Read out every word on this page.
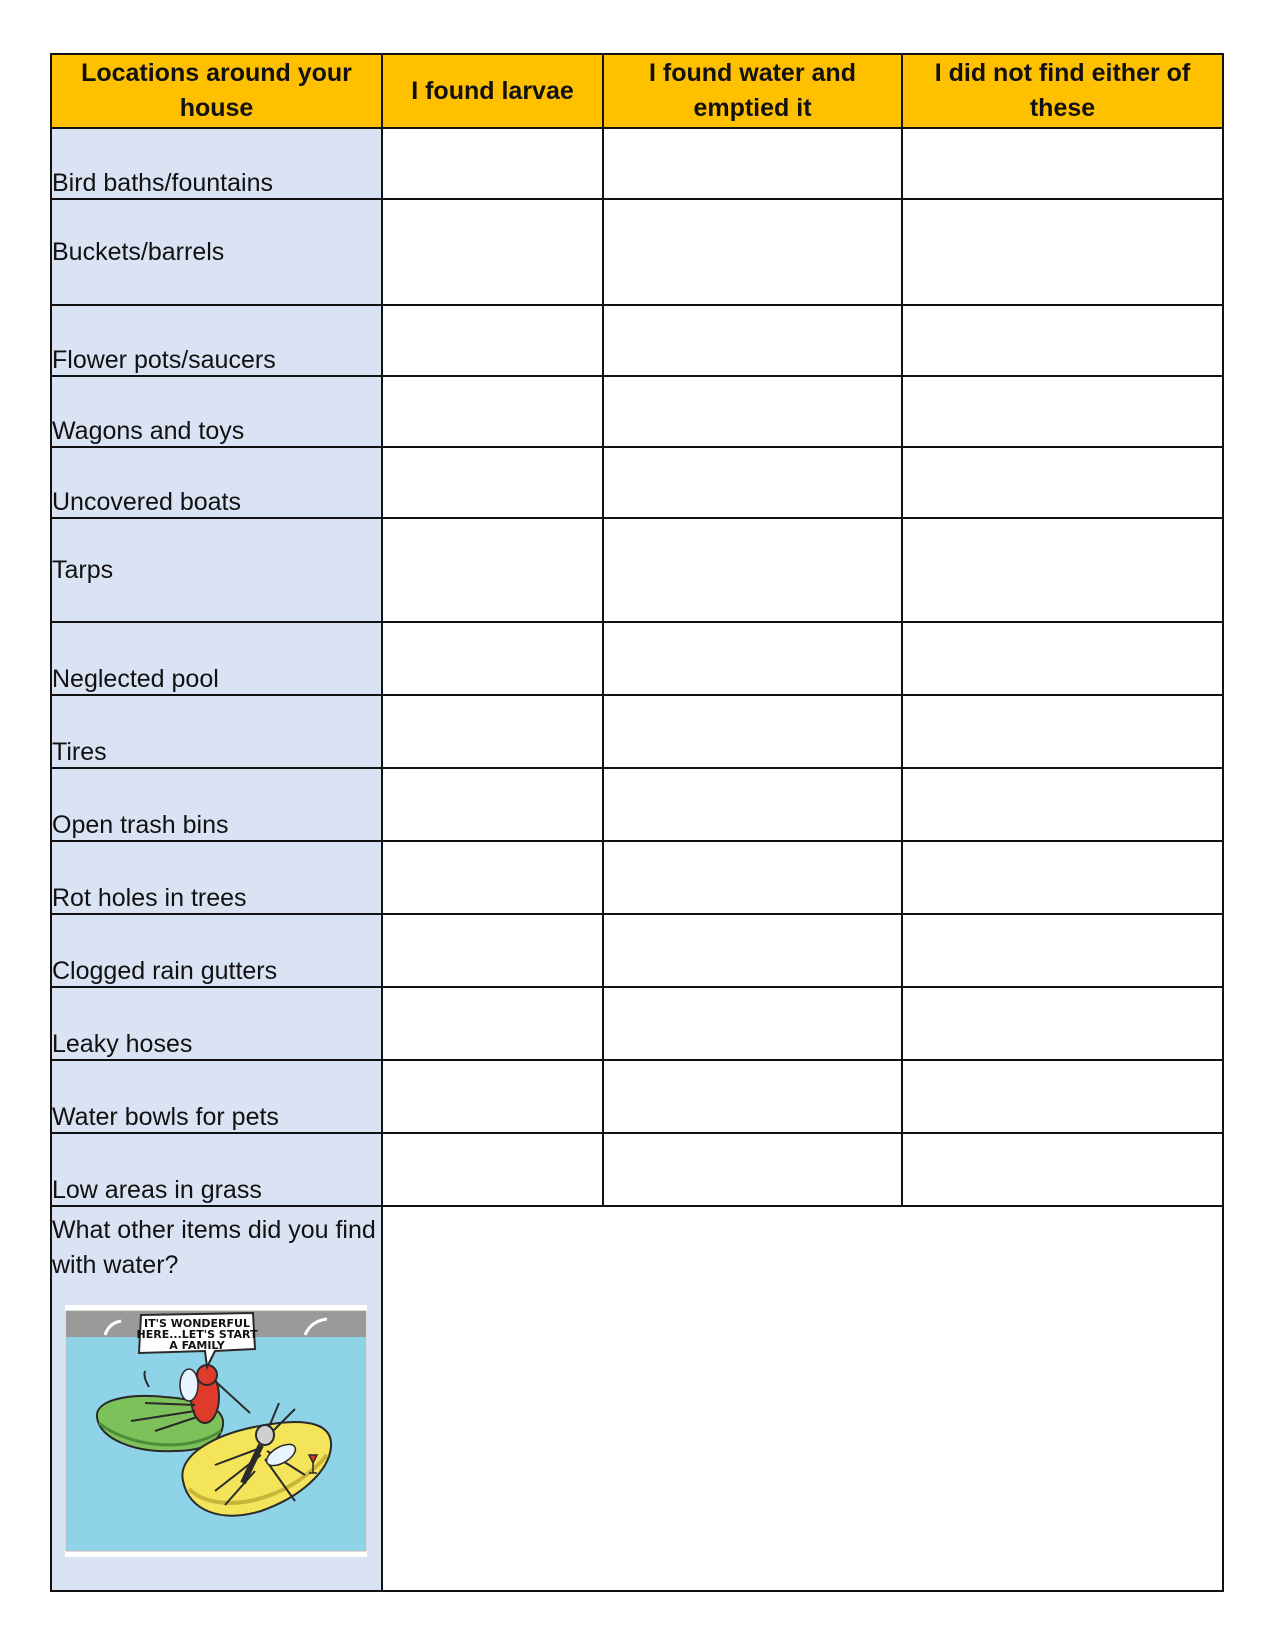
Locations around your house	I found larvae	I found water and emptied it	I did not find either of these
Bird baths/fountains			
Buckets/barrels			
Flower pots/saucers			
Wagons and toys			
Uncovered boats			
Tarps			
Neglected pool			
Tires			
Open trash bins			
Rot holes in trees			
Clogged rain gutters			
Leaky hoses			
Water bowls for pets			
Low areas in grass			

What other items did you find with water?
IT'S WONDERFUL
HERE...LET'S START
A FAMILY			
